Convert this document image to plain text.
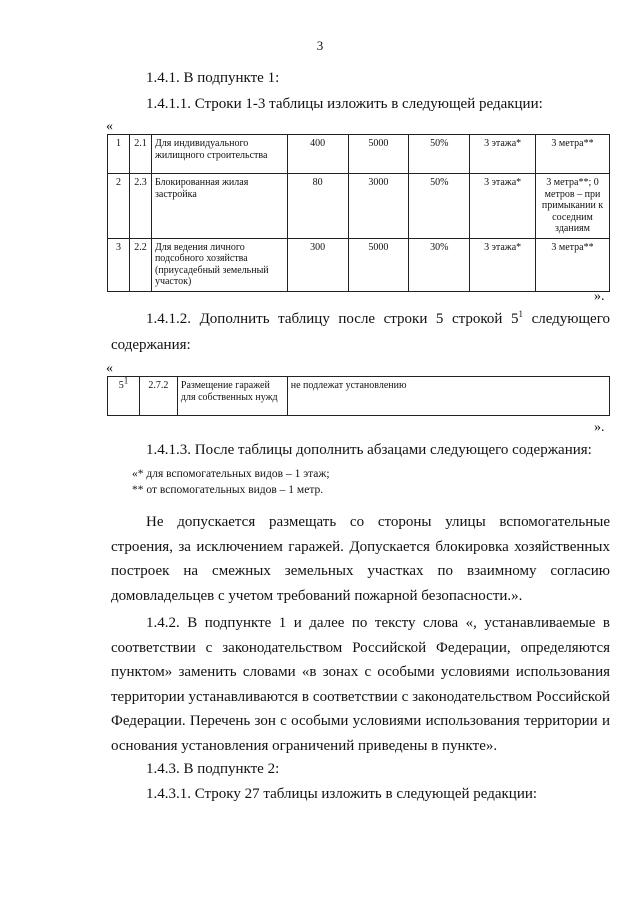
3
1.4.1. В подпункте 1:
1.4.1.1. Строки 1-3 таблицы изложить в следующей редакции:
«
1	2.1	Для индивидуального жилищного строительства	400	5000	50%	3 этажа*	3 метра**
2	2.3	Блокированная жилая застройка	80	3000	50%	3 этажа*	3 метра**; 0 метров – при примыкании к соседним зданиям
3	2.2	Для ведения личного подсобного хозяйства (приусадебный земельный участок)	300	5000	30%	3 этажа*	3 метра**
».
1.4.1.2. Дополнить таблицу после строки 5 строкой $5^1$ следующего
содержания:
«
$5^1$	2.7.2	Размещение гаражей для собственных нужд	не подлежат установлению
».
1.4.1.3. После таблицы дополнить абзацами следующего содержания:
«* для вспомогательных видов – 1 этаж;
** от вспомогательных видов – 1 метр.
Не допускается размещать со стороны улицы вспомогательные строения, за исключением гаражей. Допускается блокировка хозяйственных построек на смежных земельных участках по взаимному согласию домовладельцев с учетом требований пожарной безопасности.».
1.4.2. В подпункте 1 и далее по тексту слова «, устанавливаемые в соответствии с законодательством Российской Федерации, определяются пунктом» заменить словами «в зонах с особыми условиями использования территории устанавливаются в соответствии с законодательством Российской Федерации. Перечень зон с особыми условиями использования территории и основания установления ограничений приведены в пункте».
1.4.3. В подпункте 2:
1.4.3.1. Строку 27 таблицы изложить в следующей редакции:
